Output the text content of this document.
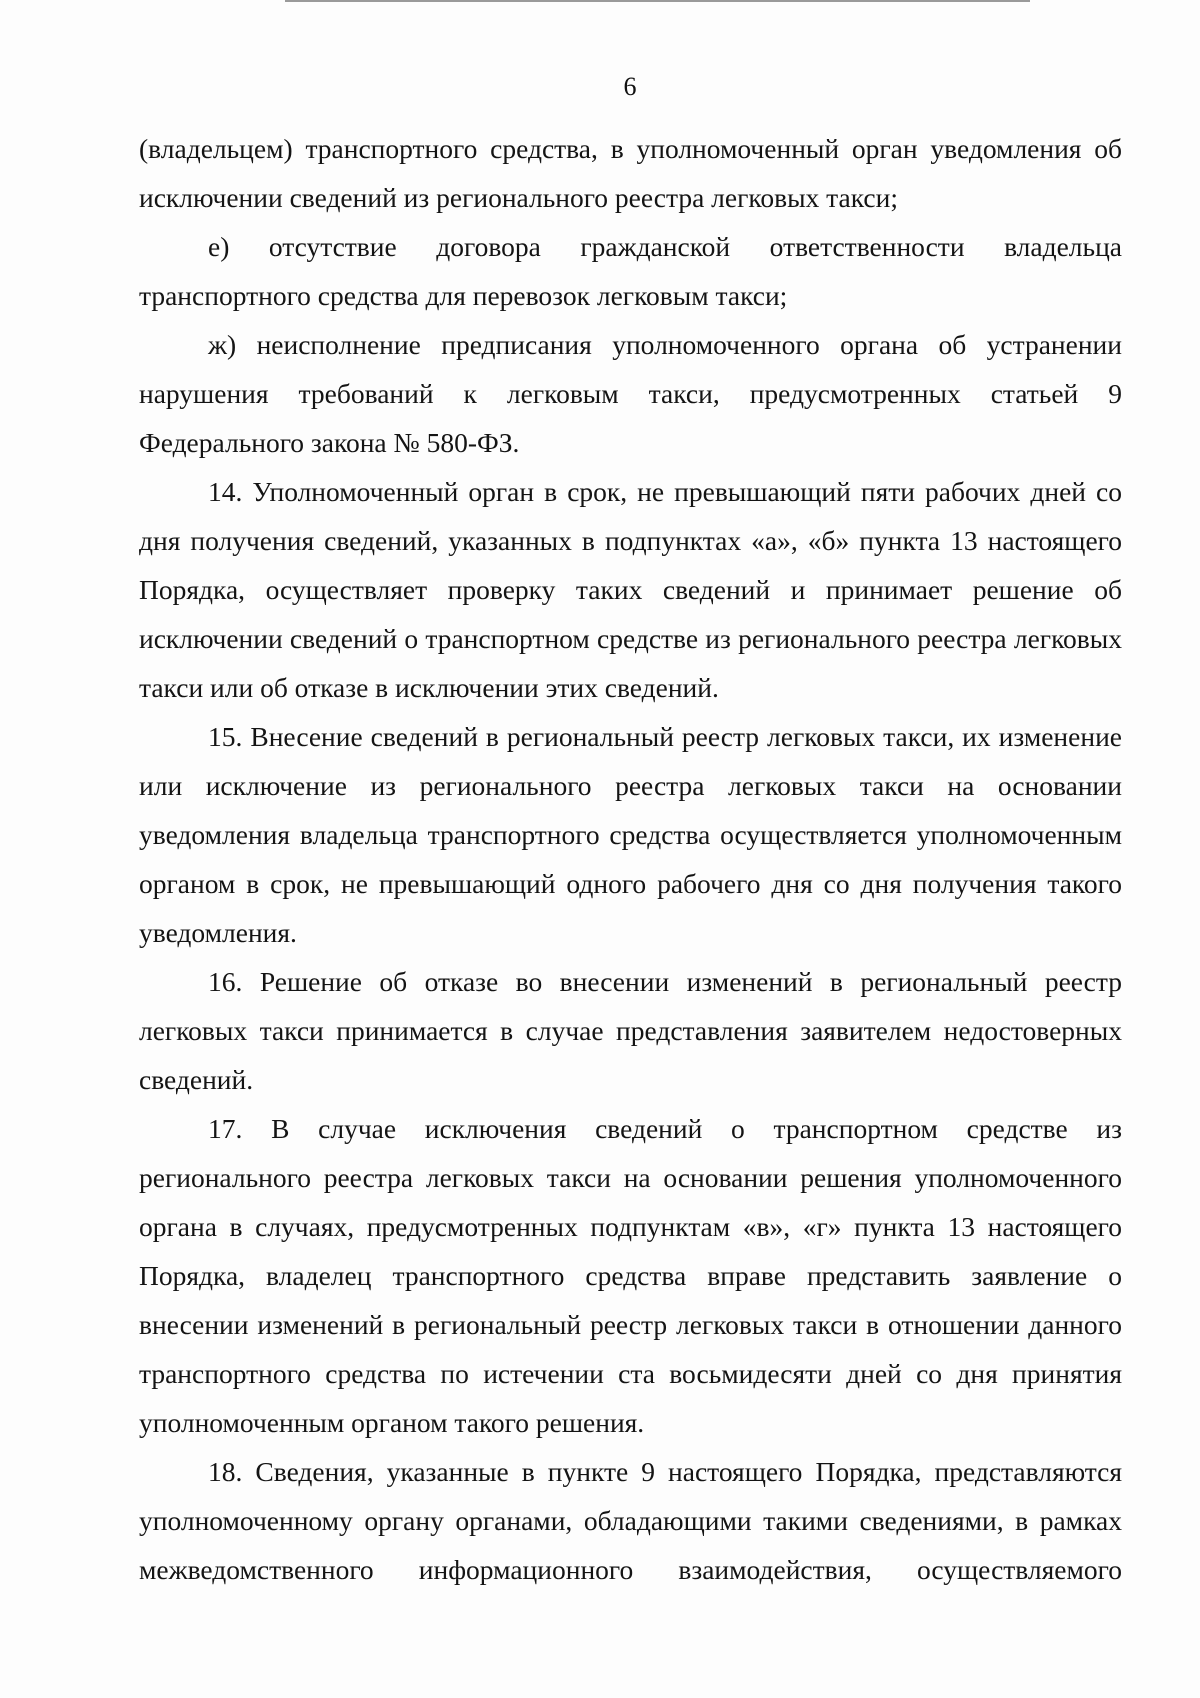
6

(владельцем) транспортного средства, в уполномоченный орган уведомления об исключении сведений из регионального реестра легковых такси;

е) отсутствие договора гражданской ответственности владельца транспортного средства для перевозок легковым такси;

ж) неисполнение предписания уполномоченного органа об устранении нарушения требований к легковым такси, предусмотренных статьей 9 Федерального закона № 580-ФЗ.

14. Уполномоченный орган в срок, не превышающий пяти рабочих дней со дня получения сведений, указанных в подпунктах «а», «б» пункта 13 настоящего Порядка, осуществляет проверку таких сведений и принимает решение об исключении сведений о транспортном средстве из регионального реестра легковых такси или об отказе в исключении этих сведений.

15. Внесение сведений в региональный реестр легковых такси, их изменение или исключение из регионального реестра легковых такси на основании уведомления владельца транспортного средства осуществляется уполномоченным органом в срок, не превышающий одного рабочего дня со дня получения такого уведомления.

16. Решение об отказе во внесении изменений в региональный реестр легковых такси принимается в случае представления заявителем недостоверных сведений.

17. В случае исключения сведений о транспортном средстве из регионального реестра легковых такси на основании решения уполномоченного органа в случаях, предусмотренных подпунктам «в», «г» пункта 13 настоящего Порядка, владелец транспортного средства вправе представить заявление о внесении изменений в региональный реестр легковых такси в отношении данного транспортного средства по истечении ста восьмидесяти дней со дня принятия уполномоченным органом такого решения.

18. Сведения, указанные в пункте 9 настоящего Порядка, представляются уполномоченному органу органами, обладающими такими сведениями, в рамках межведомственного информационного взаимодействия, осуществляемого
